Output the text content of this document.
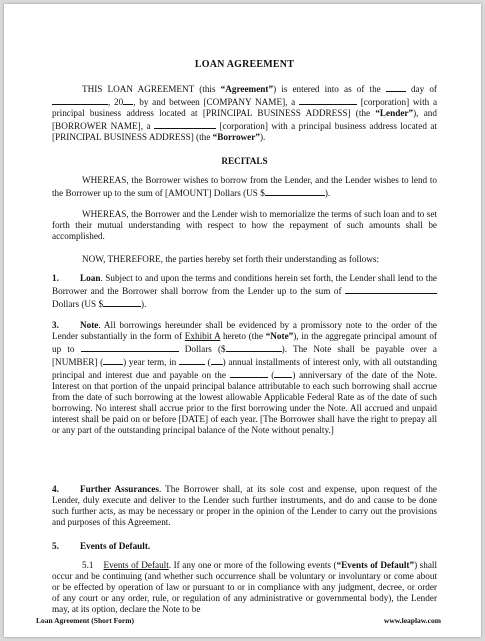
LOAN AGREEMENT
THIS LOAN AGREEMENT (this “Agreement”) is entered into as of the  day of , 20 , by and between [COMPANY NAME], a	[corporation] with a principal business address located at [PRINCIPAL BUSINESS ADDRESS] (the “Lender”), and [BORROWER NAME], a	[corporation] with a principal business address located at [PRINCIPAL BUSINESS ADDRESS] (the “Borrower”).
RECITALS
WHEREAS, the Borrower wishes to borrow from the Lender, and the Lender wishes to lend to the Borrower up to the sum of [AMOUNT] Dollars (US $	).
WHEREAS, the Borrower and the Lender wish to memorialize the terms of such loan and to set forth their mutual understanding with respect to how the repayment of such amounts shall be accomplished.
NOW, THEREFORE, the parties hereby set forth their understanding as follows:
1. Loan. Subject to and upon the terms and conditions herein set forth, the Lender shall lend to the Borrower and the Borrower shall borrow from the Lender up to the sum of  Dollars (US $	).
3. Note. All borrowings hereunder shall be evidenced by a promissory note to the order of the Lender substantially in the form of Exhibit A hereto (the “Note”), in the aggregate principal amount of up to	Dollars ($	). The Note shall be payable over a [NUMBER] ( ) year term, in	( ) annual installments of interest only, with all outstanding principal and interest due and payable on the	( ) anniversary of the date of the Note. Interest on that portion of the unpaid principal balance attributable to each such borrowing shall accrue from the date of such borrowing at the lowest allowable Applicable Federal Rate as of the date of such borrowing. No interest shall accrue prior to the first borrowing under the Note. All accrued and unpaid interest shall be paid on or before [DATE] of each year. [The Borrower shall have the right to prepay all or any part of the outstanding principal balance of the Note without penalty.]
4. Further Assurances. The Borrower shall, at its sole cost and expense, upon request of the Lender, duly execute and deliver to the Lender such further instruments, and do and cause to be done such further acts, as may be necessary or proper in the opinion of the Lender to carry out the provisions and purposes of this Agreement.
5. Events of Default.
5.1 Events of Default. If any one or more of the following events (“Events of Default”) shall occur and be continuing (and whether such occurrence shall be voluntary or involuntary or come about or be effected by operation of law or pursuant to or in compliance with any judgment, decree, or order of any court or any order, rule, or regulation of any administrative or governmental body), the Lender may, at its option, declare the Note to be
Loan Agreement (Short Form)	www.leaplaw.com
